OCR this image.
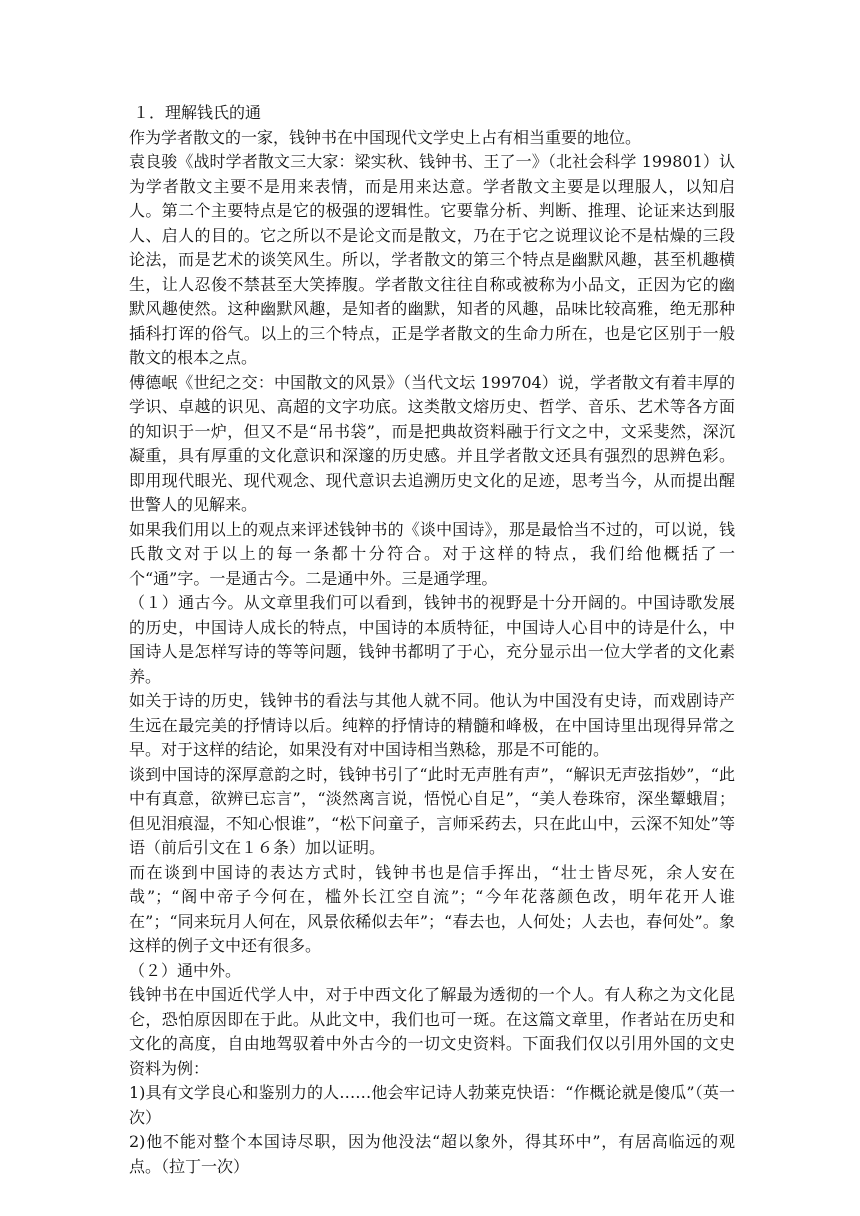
１．理解钱氏的通

作为学者散文的一家，钱钟书在中国现代文学史上占有相当重要的地位。

袁良骏《战时学者散文三大家：梁实秋、钱钟书、王了一》（北社会科学 199801）认为学者散文主要不是用来表情，而是用来达意。学者散文主要是以理服人，以知启人。第二个主要特点是它的极强的逻辑性。它要靠分析、判断、推理、论证来达到服人、启人的目的。它之所以不是论文而是散文，乃在于它之说理议论不是枯燥的三段论法，而是艺术的谈笑风生。所以，学者散文的第三个特点是幽默风趣，甚至机趣横生，让人忍俊不禁甚至大笑捧腹。学者散文往往自称或被称为小品文，正因为它的幽默风趣使然。这种幽默风趣，是知者的幽默，知者的风趣，品味比较高雅，绝无那种插科打诨的俗气。以上的三个特点，正是学者散文的生命力所在，也是它区别于一般散文的根本之点。

傅德岷《世纪之交：中国散文的风景》（当代文坛 199704）说，学者散文有着丰厚的学识、卓越的识见、高超的文字功底。这类散文熔历史、哲学、音乐、艺术等各方面的知识于一炉，但又不是“吊书袋”，而是把典故资料融于行文之中，文采斐然，深沉凝重，具有厚重的文化意识和深邃的历史感。并且学者散文还具有强烈的思辨色彩。即用现代眼光、现代观念、现代意识去追溯历史文化的足迹，思考当今，从而提出醒世警人的见解来。

如果我们用以上的观点来评述钱钟书的《谈中国诗》，那是最恰当不过的，可以说，钱氏散文对于以上的每一条都十分符合。对于这样的特点，我们给他概括了一个“通”字。一是通古今。二是通中外。三是通学理。

（１）通古今。从文章里我们可以看到，钱钟书的视野是十分开阔的。中国诗歌发展的历史，中国诗人成长的特点，中国诗的本质特征，中国诗人心目中的诗是什么，中国诗人是怎样写诗的等等问题，钱钟书都明了于心，充分显示出一位大学者的文化素养。

如关于诗的历史，钱钟书的看法与其他人就不同。他认为中国没有史诗，而戏剧诗产生远在最完美的抒情诗以后。纯粹的抒情诗的精髓和峰极，在中国诗里出现得异常之早。对于这样的结论，如果没有对中国诗相当熟稔，那是不可能的。

谈到中国诗的深厚意韵之时，钱钟书引了“此时无声胜有声”，“解识无声弦指妙”，“此中有真意，欲辨已忘言”，“淡然离言说，悟悦心自足”，“美人卷珠帘，深坐颦蛾眉；但见泪痕湿，不知心恨谁”，“松下问童子，言师采药去，只在此山中，云深不知处”等语（前后引文在１６条）加以证明。

而在谈到中国诗的表达方式时，钱钟书也是信手挥出，“壮士皆尽死，余人安在哉”；“阁中帝子今何在，槛外长江空自流”；“今年花落颜色改，明年花开人谁在”；“同来玩月人何在，风景依稀似去年”；“春去也，人何处；人去也，春何处”。象这样的例子文中还有很多。

（２）通中外。

钱钟书在中国近代学人中，对于中西文化了解最为透彻的一个人。有人称之为文化昆仑，恐怕原因即在于此。从此文中，我们也可一斑。在这篇文章里，作者站在历史和文化的高度，自由地驾驭着中外古今的一切文史资料。下面我们仅以引用外国的文史资料为例：

1)具有文学良心和鉴别力的人……他会牢记诗人勃莱克快语：“作概论就是傻瓜”（英一次）

2)他不能对整个本国诗尽职，因为他没法“超以象外，得其环中”，有居高临远的观点。（拉丁一次）
